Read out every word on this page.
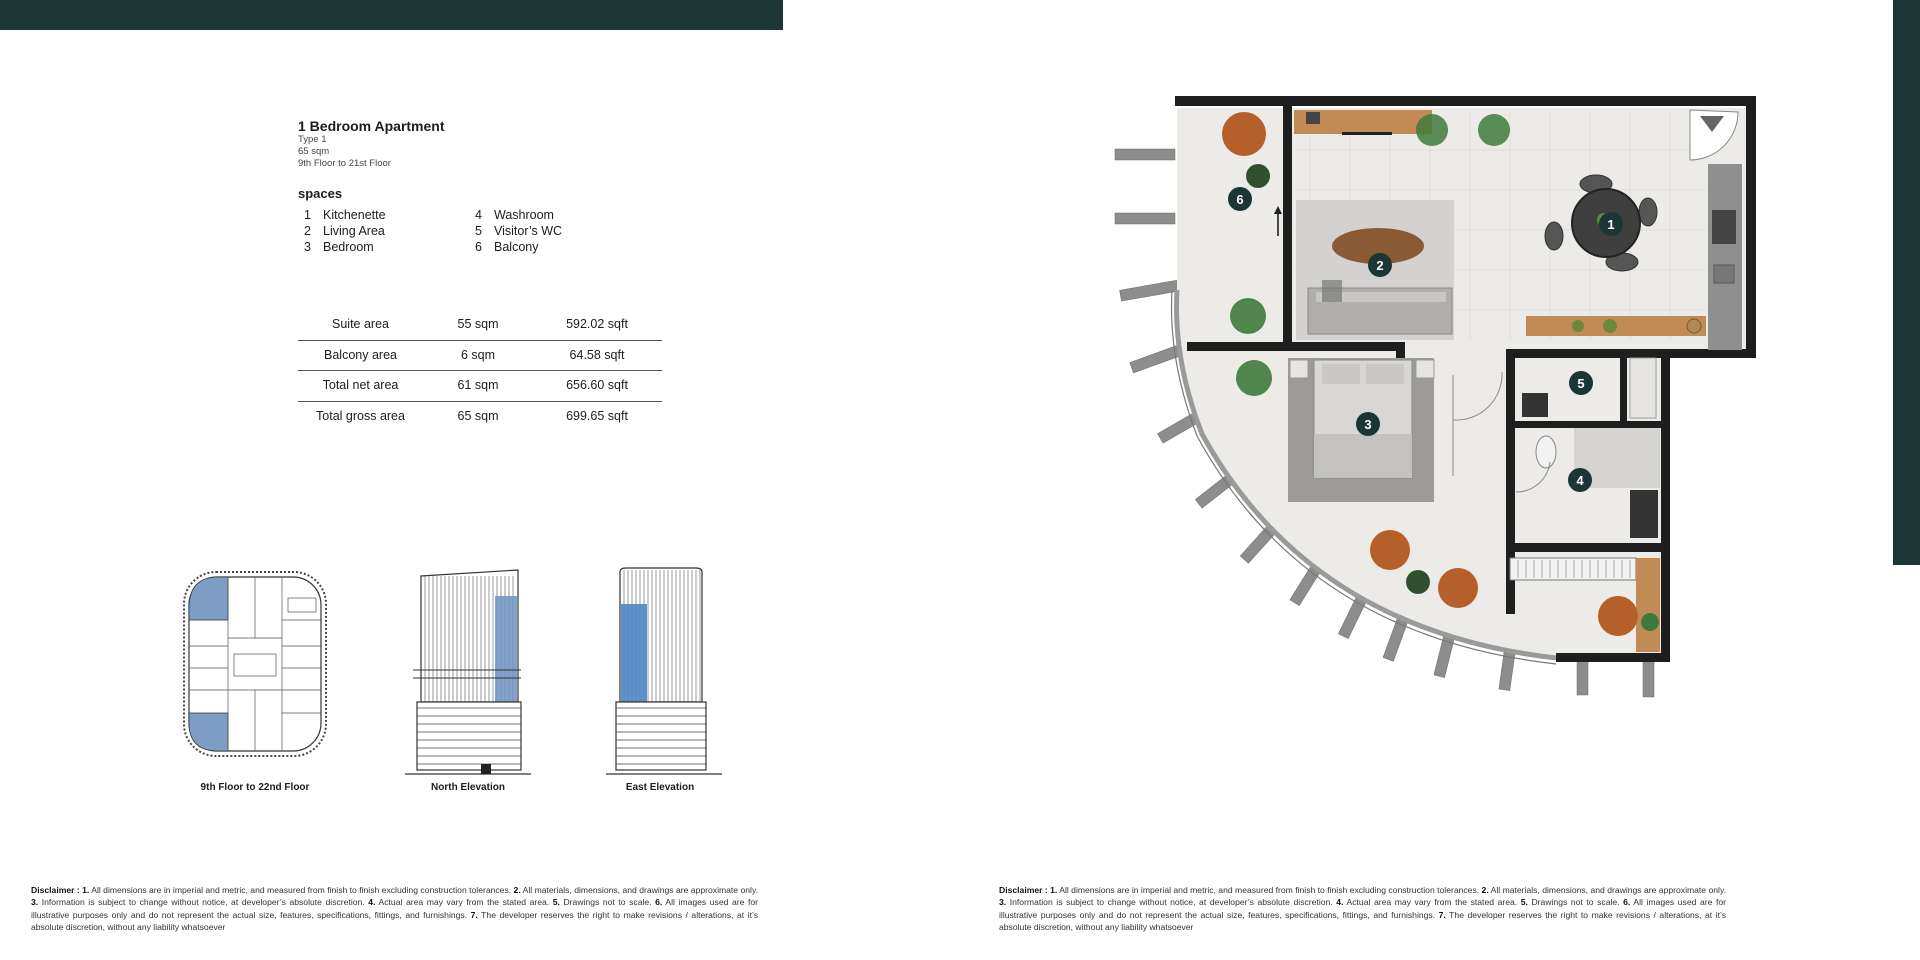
1 Bedroom Apartment
Type 1
65 sqm
9th Floor to 21st Floor
spaces
1 Kitchenette
2 Living Area
3 Bedroom
4 Washroom
5 Visitor’s WC
6 Balcony
Suite area	55 sqm	592.02 sqft
Balcony area	6 sqm	64.58 sqft
Total net area	61 sqm	656.60 sqft
Total gross area	65 sqm	699.65 sqft
9th Floor to 22nd Floor	North Elevation	East Elevation
1
2
3
4
5
6
Disclaimer : 1. All dimensions are in imperial and metric, and measured from finish to finish excluding construction tolerances. 2. All materials, dimensions, and drawings are approximate only. 3. Information is subject to change without notice, at developer’s absolute discretion. 4. Actual area may vary from the stated area. 5. Drawings not to scale. 6. All images used are for illustrative purposes only and do not represent the actual size, features, specifications, fittings, and furnishings. 7. The developer reserves the right to make revisions / alterations, at it’s absolute discretion, without any liability whatsoever
Disclaimer : 1. All dimensions are in imperial and metric, and measured from finish to finish excluding construction tolerances. 2. All materials, dimensions, and drawings are approximate only. 3. Information is subject to change without notice, at developer’s absolute discretion. 4. Actual area may vary from the stated area. 5. Drawings not to scale. 6. All images used are for illustrative purposes only and do not represent the actual size, features, specifications, fittings, and furnishings. 7. The developer reserves the right to make revisions / alterations, at it’s absolute discretion, without any liability whatsoever
